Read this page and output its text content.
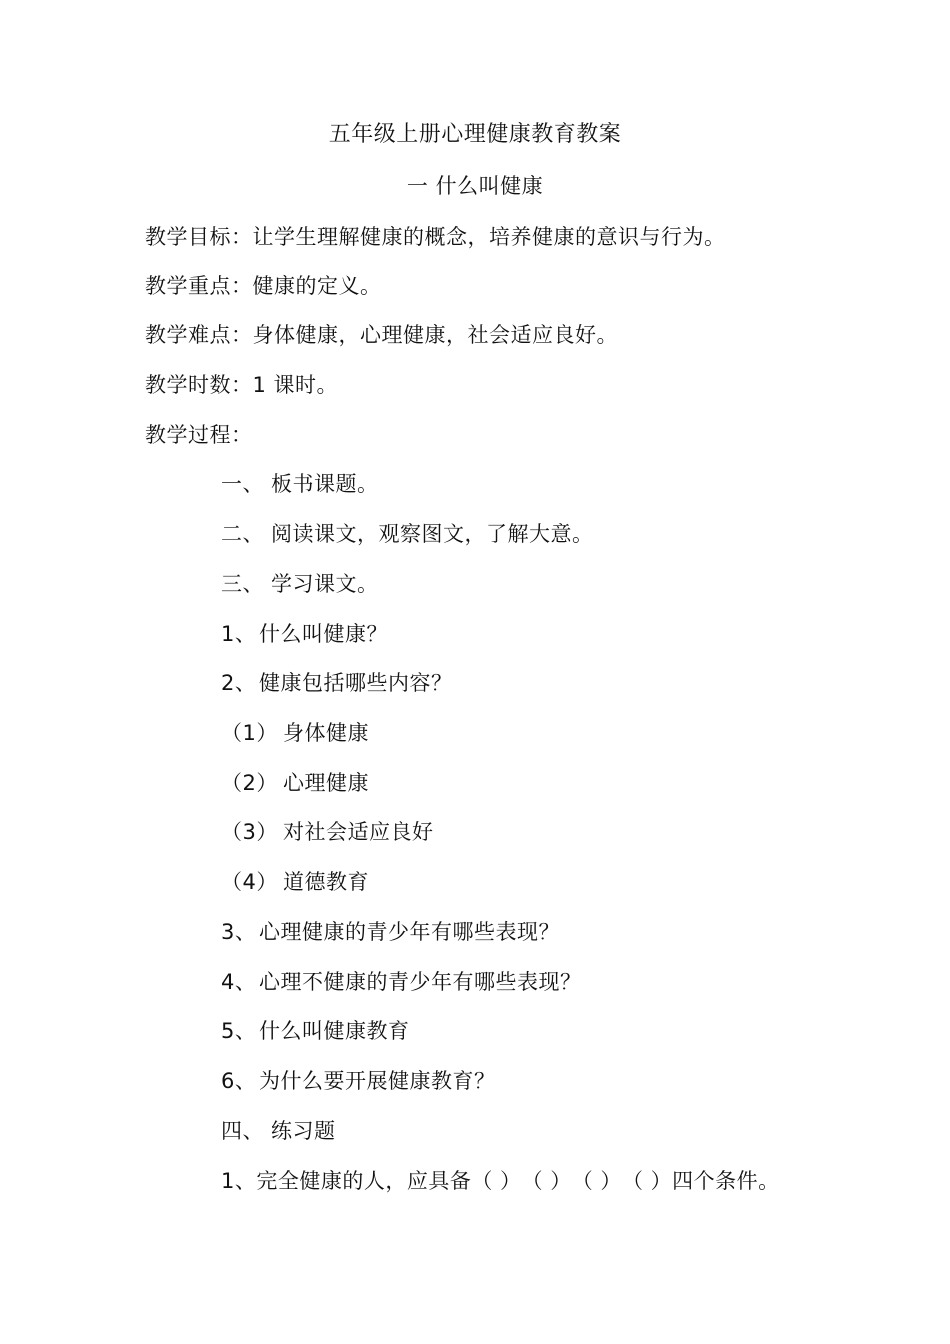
五年级上册心理健康教育教案
一 什么叫健康
教学目标：让学生理解健康的概念，培养健康的意识与行为。
教学重点：健康的定义。
教学难点：身体健康，心理健康，社会适应良好。
教学时数：1 课时。
教学过程：
一、 板书课题。
二、 阅读课文，观察图文，了解大意。
三、 学习课文。
1、 什么叫健康？
2、 健康包括哪些内容？
（1） 身体健康
（2） 心理健康
（3） 对社会适应良好
（4） 道德教育
3、 心理健康的青少年有哪些表现？
4、 心理不健康的青少年有哪些表现？
5、 什么叫健康教育
6、 为什么要开展健康教育？
四、 练习题
1、完全健康的人，应具备（ ）（ ）（ ）（ ）四个条件。
